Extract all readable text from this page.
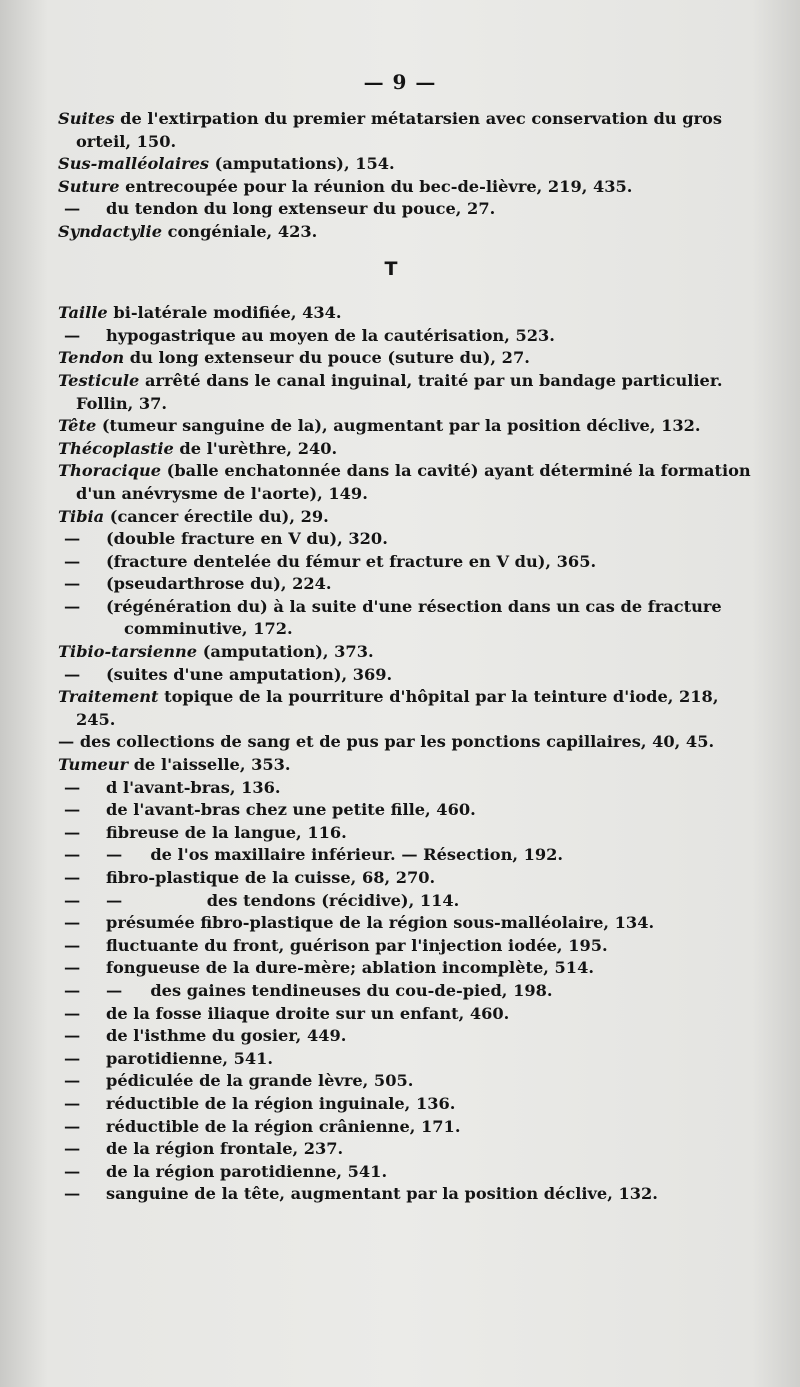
— 9 —
Suites de l'extirpation du premier métatarsien avec conservation du gros
orteil, 150.
Sus-malléolaires (amputations), 154.
Suture entrecoupée pour la réunion du bec-de-lièvre, 219, 435.
— du tendon du long extenseur du pouce, 27.
Syndactylie congéniale, 423.
T
Taille bi-latérale modifiée, 434.
— hypogastrique au moyen de la cautérisation, 523.
Tendon du long extenseur du pouce (suture du), 27.
Testicule arrêté dans le canal inguinal, traité par un bandage particulier.
Follin, 37.
Tête (tumeur sanguine de la), augmentant par la position déclive, 132.
Thécoplastie de l'urèthre, 240.
Thoracique (balle enchatonnée dans la cavité) ayant déterminé la formation
d'un anévrysme de l'aorte), 149.
Tibia (cancer érectile du), 29.
— (double fracture en V du), 320.
— (fracture dentelée du fémur et fracture en V du), 365.
— (pseudarthrose du), 224.
— (régénération du) à la suite d'une résection dans un cas de fracture
comminutive, 172.
Tibio-tarsienne (amputation), 373.
— (suites d'une amputation), 369.
Traitement topique de la pourriture d'hôpital par la teinture d'iode, 218,
245.
— des collections de sang et de pus par les ponctions capillaires, 40, 45.
Tumeur de l'aisselle, 353.
— d l'avant-bras, 136.
— de l'avant-bras chez une petite fille, 460.
— fibreuse de la langue, 116.
— —     de l'os maxillaire inférieur. — Résection, 192.
— fibro-plastique de la cuisse, 68, 270.
— —               des tendons (récidive), 114.
— présumée fibro-plastique de la région sous-malléolaire, 134.
— fluctuante du front, guérison par l'injection iodée, 195.
— fongueuse de la dure-mère; ablation incomplète, 514.
— —     des gaines tendineuses du cou-de-pied, 198.
— de la fosse iliaque droite sur un enfant, 460.
— de l'isthme du gosier, 449.
— parotidienne, 541.
— pédiculée de la grande lèvre, 505.
— réductible de la région inguinale, 136.
— réductible de la région crânienne, 171.
— de la région frontale, 237.
— de la région parotidienne, 541.
— sanguine de la tête, augmentant par la position déclive, 132.
